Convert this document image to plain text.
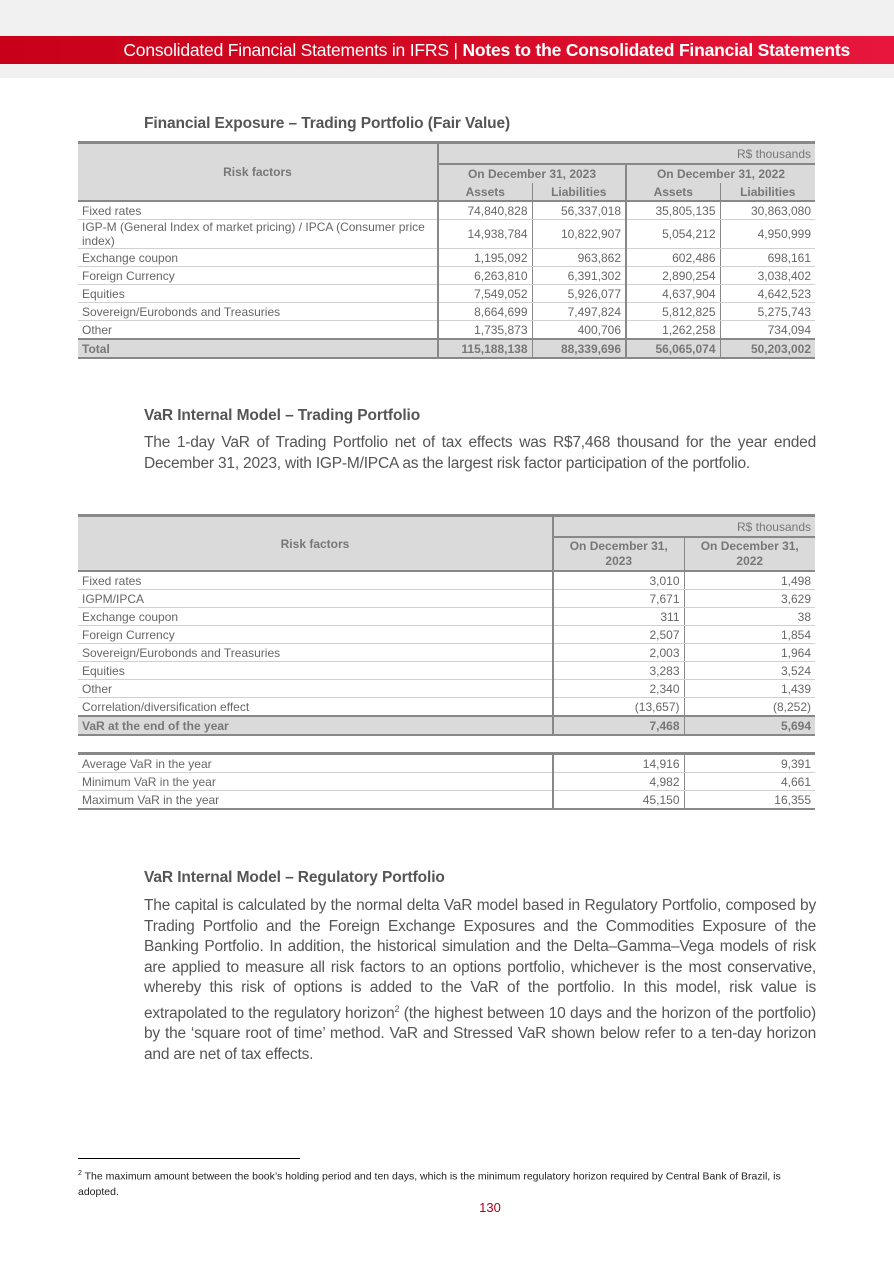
Consolidated Financial Statements in IFRS | Notes to the Consolidated Financial Statements
Financial Exposure – Trading Portfolio (Fair Value)
Risk factors	R$ thousands			
	On December 31, 2023		On December 31, 2022	
	Assets	Liabilities	Assets	Liabilities
Fixed rates	74,840,828	56,337,018	35,805,135	30,863,080
IGP-M (General Index of market pricing) / IPCA (Consumer price index)	14,938,784	10,822,907	5,054,212	4,950,999
Exchange coupon	1,195,092	963,862	602,486	698,161
Foreign Currency	6,263,810	6,391,302	2,890,254	3,038,402
Equities	7,549,052	5,926,077	4,637,904	4,642,523
Sovereign/Eurobonds and Treasuries	8,664,699	7,497,824	5,812,825	5,275,743
Other	1,735,873	400,706	1,262,258	734,094
Total	115,188,138	88,339,696	56,065,074	50,203,002
VaR Internal Model – Trading Portfolio
The 1-day VaR of Trading Portfolio net of tax effects was R$7,468 thousand for the year ended December 31, 2023, with IGP-M/IPCA as the largest risk factor participation of the portfolio.
Risk factors	R$ thousands	
	On December 31, 2023	On December 31, 2022
Fixed rates	3,010	1,498
IGPM/IPCA	7,671	3,629
Exchange coupon	311	38
Foreign Currency	2,507	1,854
Sovereign/Eurobonds and Treasuries	2,003	1,964
Equities	3,283	3,524
Other	2,340	1,439
Correlation/diversification effect	(13,657)	(8,252)
VaR at the end of the year	7,468	5,694
Average VaR in the year	14,916	9,391
Minimum VaR in the year	4,982	4,661
Maximum VaR in the year	45,150	16,355
VaR Internal Model – Regulatory Portfolio
The capital is calculated by the normal delta VaR model based in Regulatory Portfolio, composed by Trading Portfolio and the Foreign Exchange Exposures and the Commodities Exposure of the Banking Portfolio. In addition, the historical simulation and the Delta–Gamma–Vega models of risk are applied to measure all risk factors to an options portfolio, whichever is the most conservative, whereby this risk of options is added to the VaR of the portfolio. In this model, risk value is extrapolated to the regulatory horizon$^2$ (the highest between 10 days and the horizon of the portfolio) by the ‘square root of time’ method. VaR and Stressed VaR shown below refer to a ten-day horizon and are net of tax effects.
$^2$ The maximum amount between the book’s holding period and ten days, which is the minimum regulatory horizon required by Central Bank of Brazil, is adopted.
130
